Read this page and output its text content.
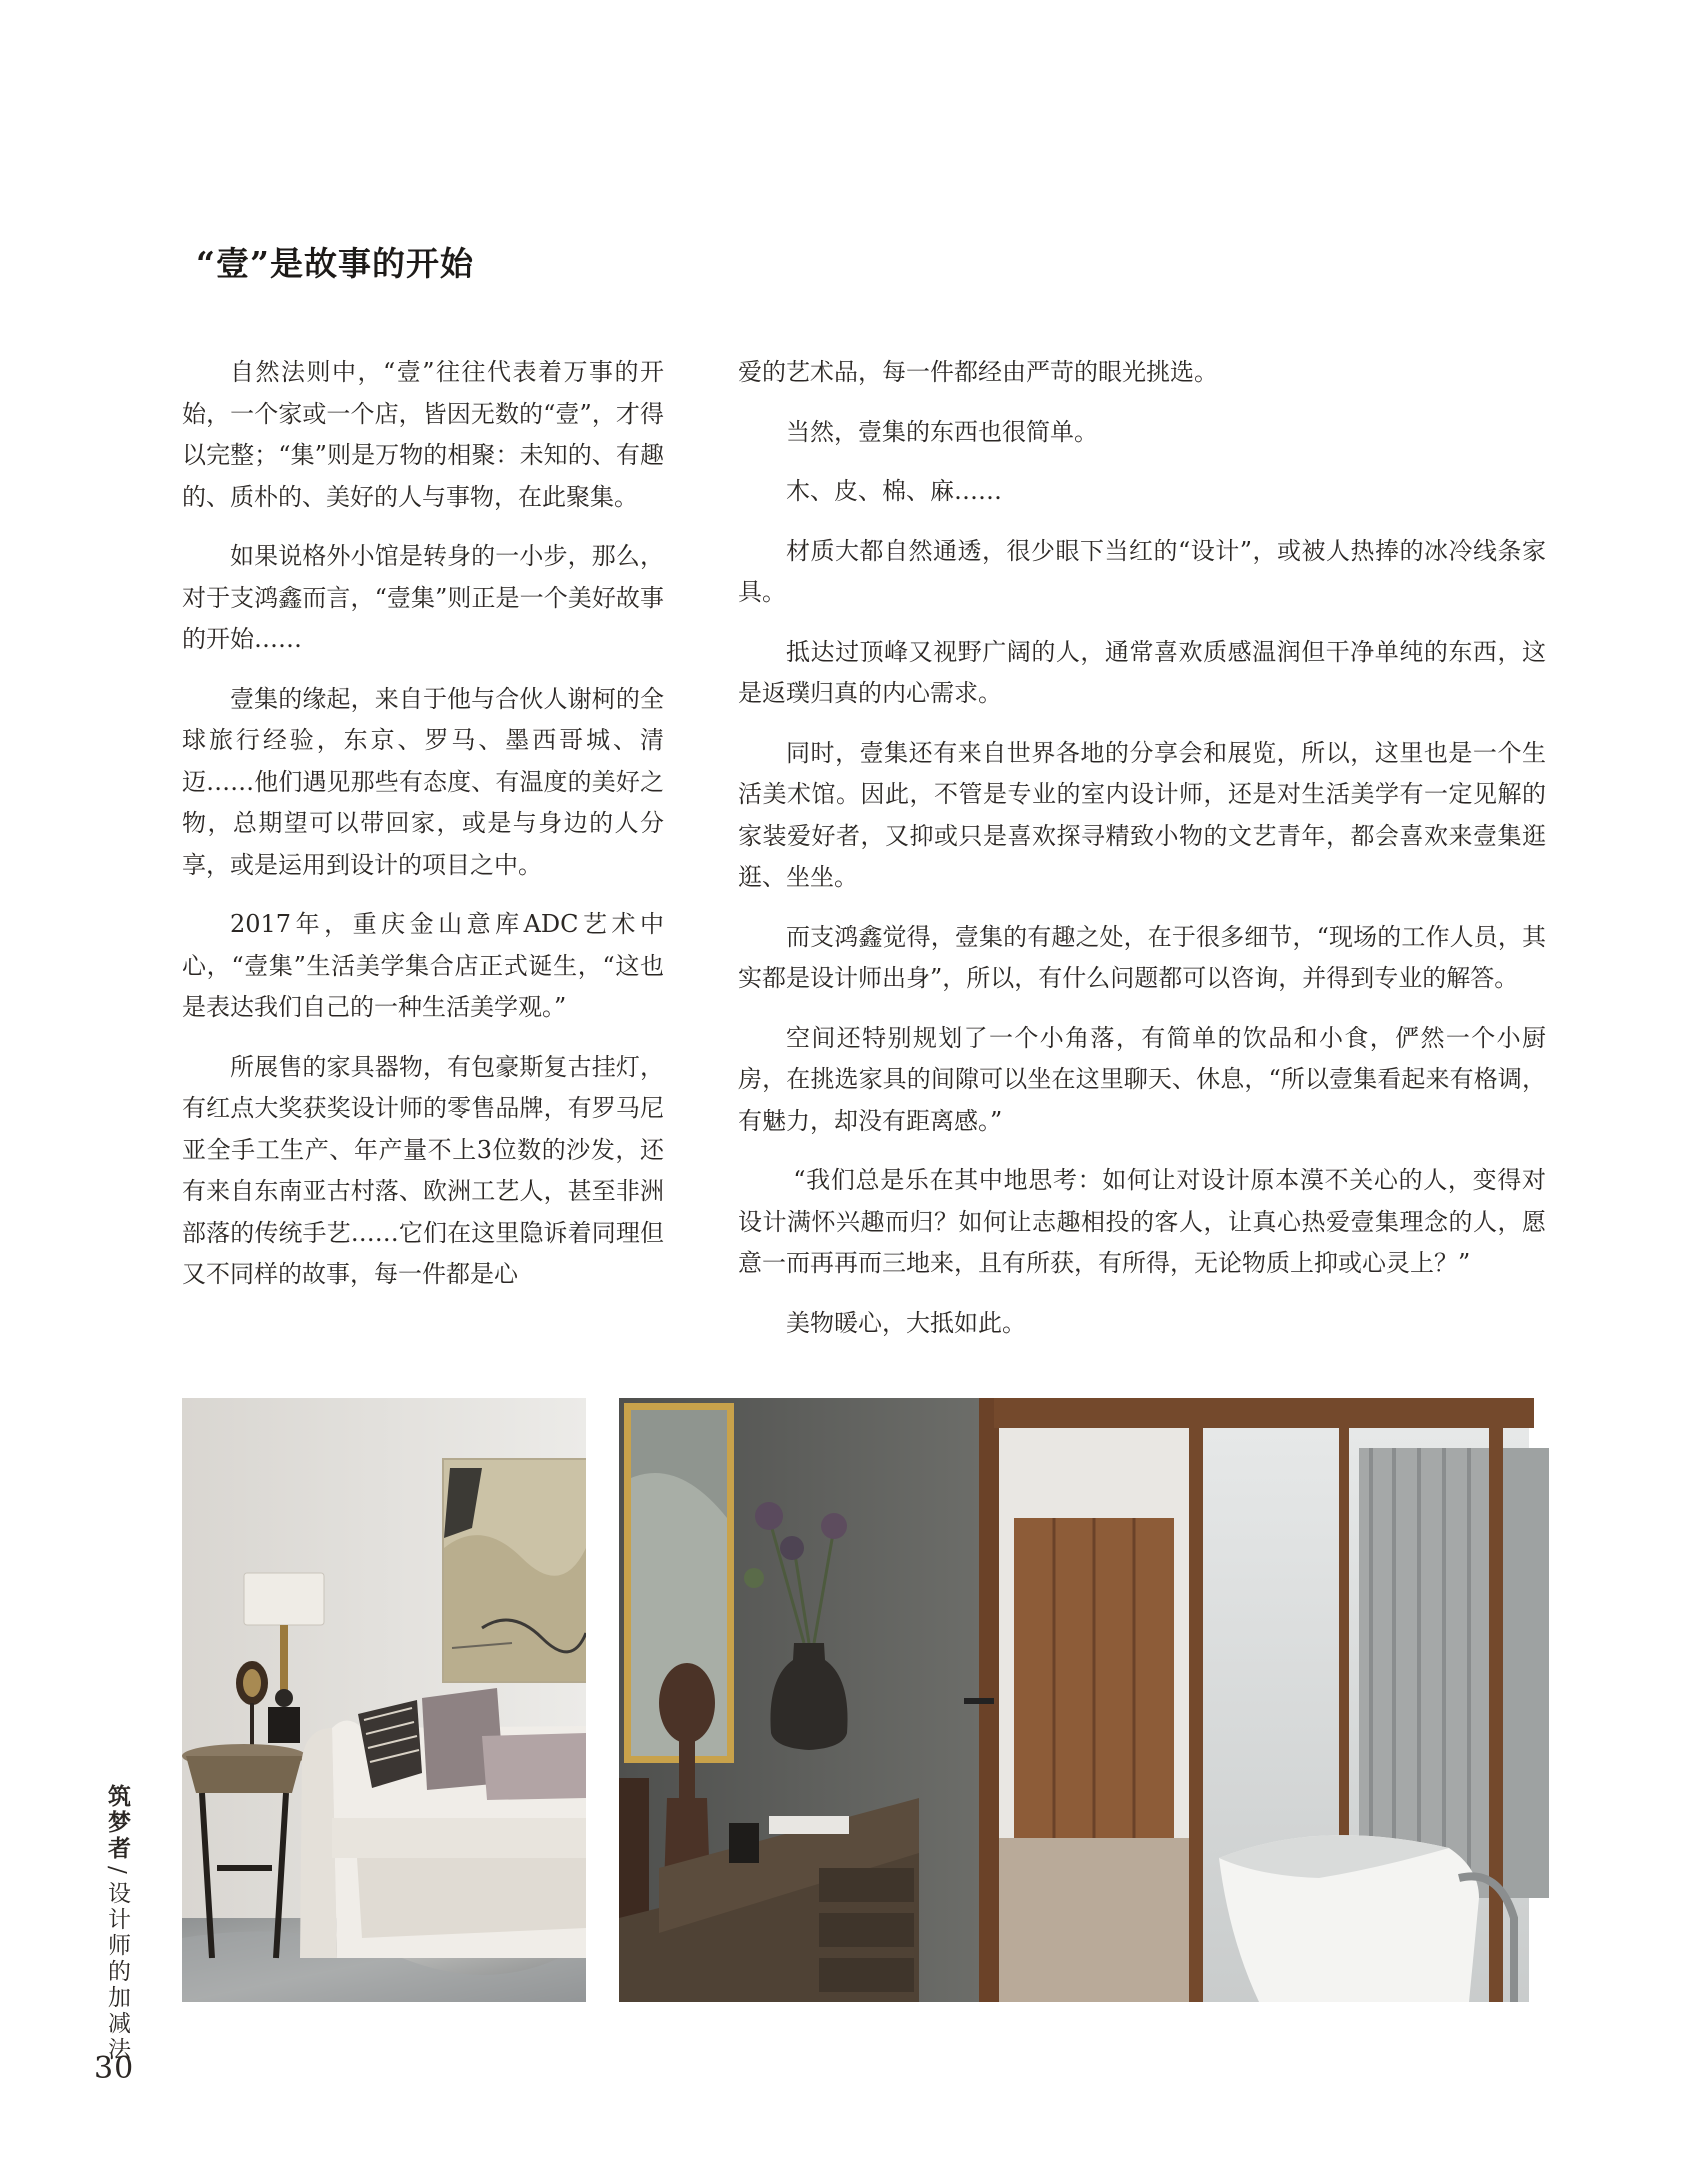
“壹”是故事的开始

自然法则中，“壹”往往代表着万事的开始，一个家或一个店，皆因无数的“壹”，才得以完整；“集”则是万物的相聚：未知的、有趣的、质朴的、美好的人与事物，在此聚集。

如果说格外小馆是转身的一小步，那么，对于支鸿鑫而言，“壹集”则正是一个美好故事的开始……

壹集的缘起，来自于他与合伙人谢柯的全球旅行经验，东京、罗马、墨西哥城、清迈……他们遇见那些有态度、有温度的美好之物，总期望可以带回家，或是与身边的人分享，或是运用到设计的项目之中。

2017年，重庆金山意库ADC艺术中心，“壹集”生活美学集合店正式诞生，“这也是表达我们自己的一种生活美学观。”

所展售的家具器物，有包豪斯复古挂灯，有红点大奖获奖设计师的零售品牌，有罗马尼亚全手工生产、年产量不上3位数的沙发，还有来自东南亚古村落、欧洲工艺人，甚至非洲部落的传统手艺……它们在这里隐诉着同理但又不同样的故事，每一件都是心

爱的艺术品，每一件都经由严苛的眼光挑选。

当然，壹集的东西也很简单。

木、皮、棉、麻……

材质大都自然通透，很少眼下当红的“设计”，或被人热捧的冰冷线条家具。

抵达过顶峰又视野广阔的人，通常喜欢质感温润但干净单纯的东西，这是返璞归真的内心需求。

同时，壹集还有来自世界各地的分享会和展览，所以，这里也是一个生活美术馆。因此，不管是专业的室内设计师，还是对生活美学有一定见解的家装爱好者，又抑或只是喜欢探寻精致小物的文艺青年，都会喜欢来壹集逛逛、坐坐。

而支鸿鑫觉得，壹集的有趣之处，在于很多细节，“现场的工作人员，其实都是设计师出身”，所以，有什么问题都可以咨询，并得到专业的解答。

空间还特别规划了一个小角落，有简单的饮品和小食，俨然一个小厨房，在挑选家具的间隙可以坐在这里聊天、休息，“所以壹集看起来有格调，有魅力，却没有距离感。”

“我们总是乐在其中地思考：如何让对设计原本漠不关心的人，变得对设计满怀兴趣而归？如何让志趣相投的客人，让真心热爱壹集理念的人，愿意一而再再而三地来，且有所获，有所得，无论物质上抑或心灵上？”

美物暖心，大抵如此。

筑梦者/设计师的加减法

30
